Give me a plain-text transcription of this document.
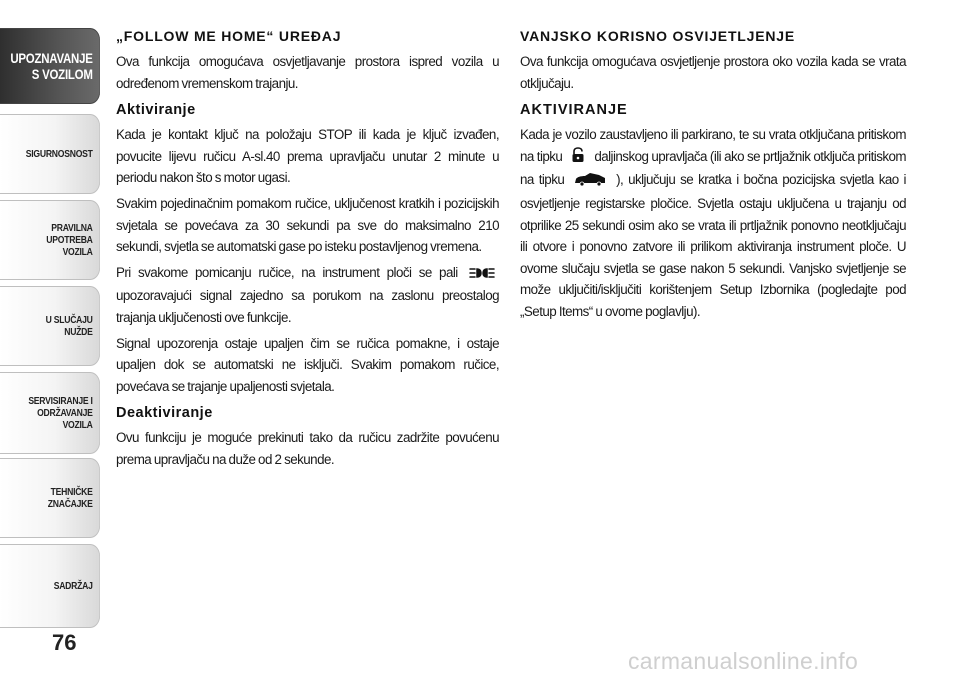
UPOZNAVANJE
S VOZILOM
SIGURNOSNOST
PRAVILNA
UPOTREBA
VOZILA
U SLUČAJU
NUŽDE
SERVISIRANJE I
ODRŽAVANJE
VOZILA
TEHNIČKE
ZNAČAJKE
SADRŽAJ
76
„FOLLOW ME HOME“ UREĐAJ

Ova funkcija omogućava osvjetljavanje prostora ispred vozila u određenom vremenskom trajanju.

Aktiviranje

Kada je kontakt ključ na položaju STOP ili kada je ključ izvađen, povucite lijevu ručicu A-sl.40 prema upravljaču unutar 2 minute u periodu nakon što s motor ugasi.

Svakim pojedinačnim pomakom ručice, uključenost kratkih i pozicijskih svjetala se povećava za 30 sekundi pa sve do maksimalno 210 sekundi, svjetla se automatski gase po isteku postavljenog vremena.

Pri svakome pomicanju ručice, na instrument ploči se pali  upozoravajući signal zajedno sa porukom na zaslonu preostalog trajanja uključenosti ove funkcije.

Signal upozorenja ostaje upaljen čim se ručica pomakne, i ostaje upaljen dok se automatski ne isključi. Svakim pomakom ručice, povećava se trajanje upaljenosti svjetala.

Deaktiviranje

Ovu funkciju je moguće prekinuti tako da ručicu zadržite povućenu prema upravljaču na duže od 2 sekunde.

VANJSKO KORISNO OSVIJETLJENJE

Ova funkcija omogućava osvjetljenje prostora oko vozila kada se vrata otključaju.

AKTIVIRANJE

Kada je vozilo zaustavljeno ili parkirano, te su vrata otključana pritiskom na tipku daljinskog upravljača (ili ako se prtljažnik otključa pritiskom na tipku	), uključuju se kratka i bočna pozicijska svjetla kao i osvjetljenje registarske pločice. Svjetla ostaju uključena u trajanju od otprilike 25 sekundi osim ako se vrata ili prtljažnik ponovno neotključaju ili otvore i ponovno zatvore ili prilikom aktiviranja instrument ploče. U ovome slučaju svjetla se gase nakon 5 sekundi. Vanjsko svjetljenje se može uključiti/isključiti korištenjem Setup Izbornika (pogledajte pod „Setup Items“ u ovome poglavlju).

carmanualsonline.info
